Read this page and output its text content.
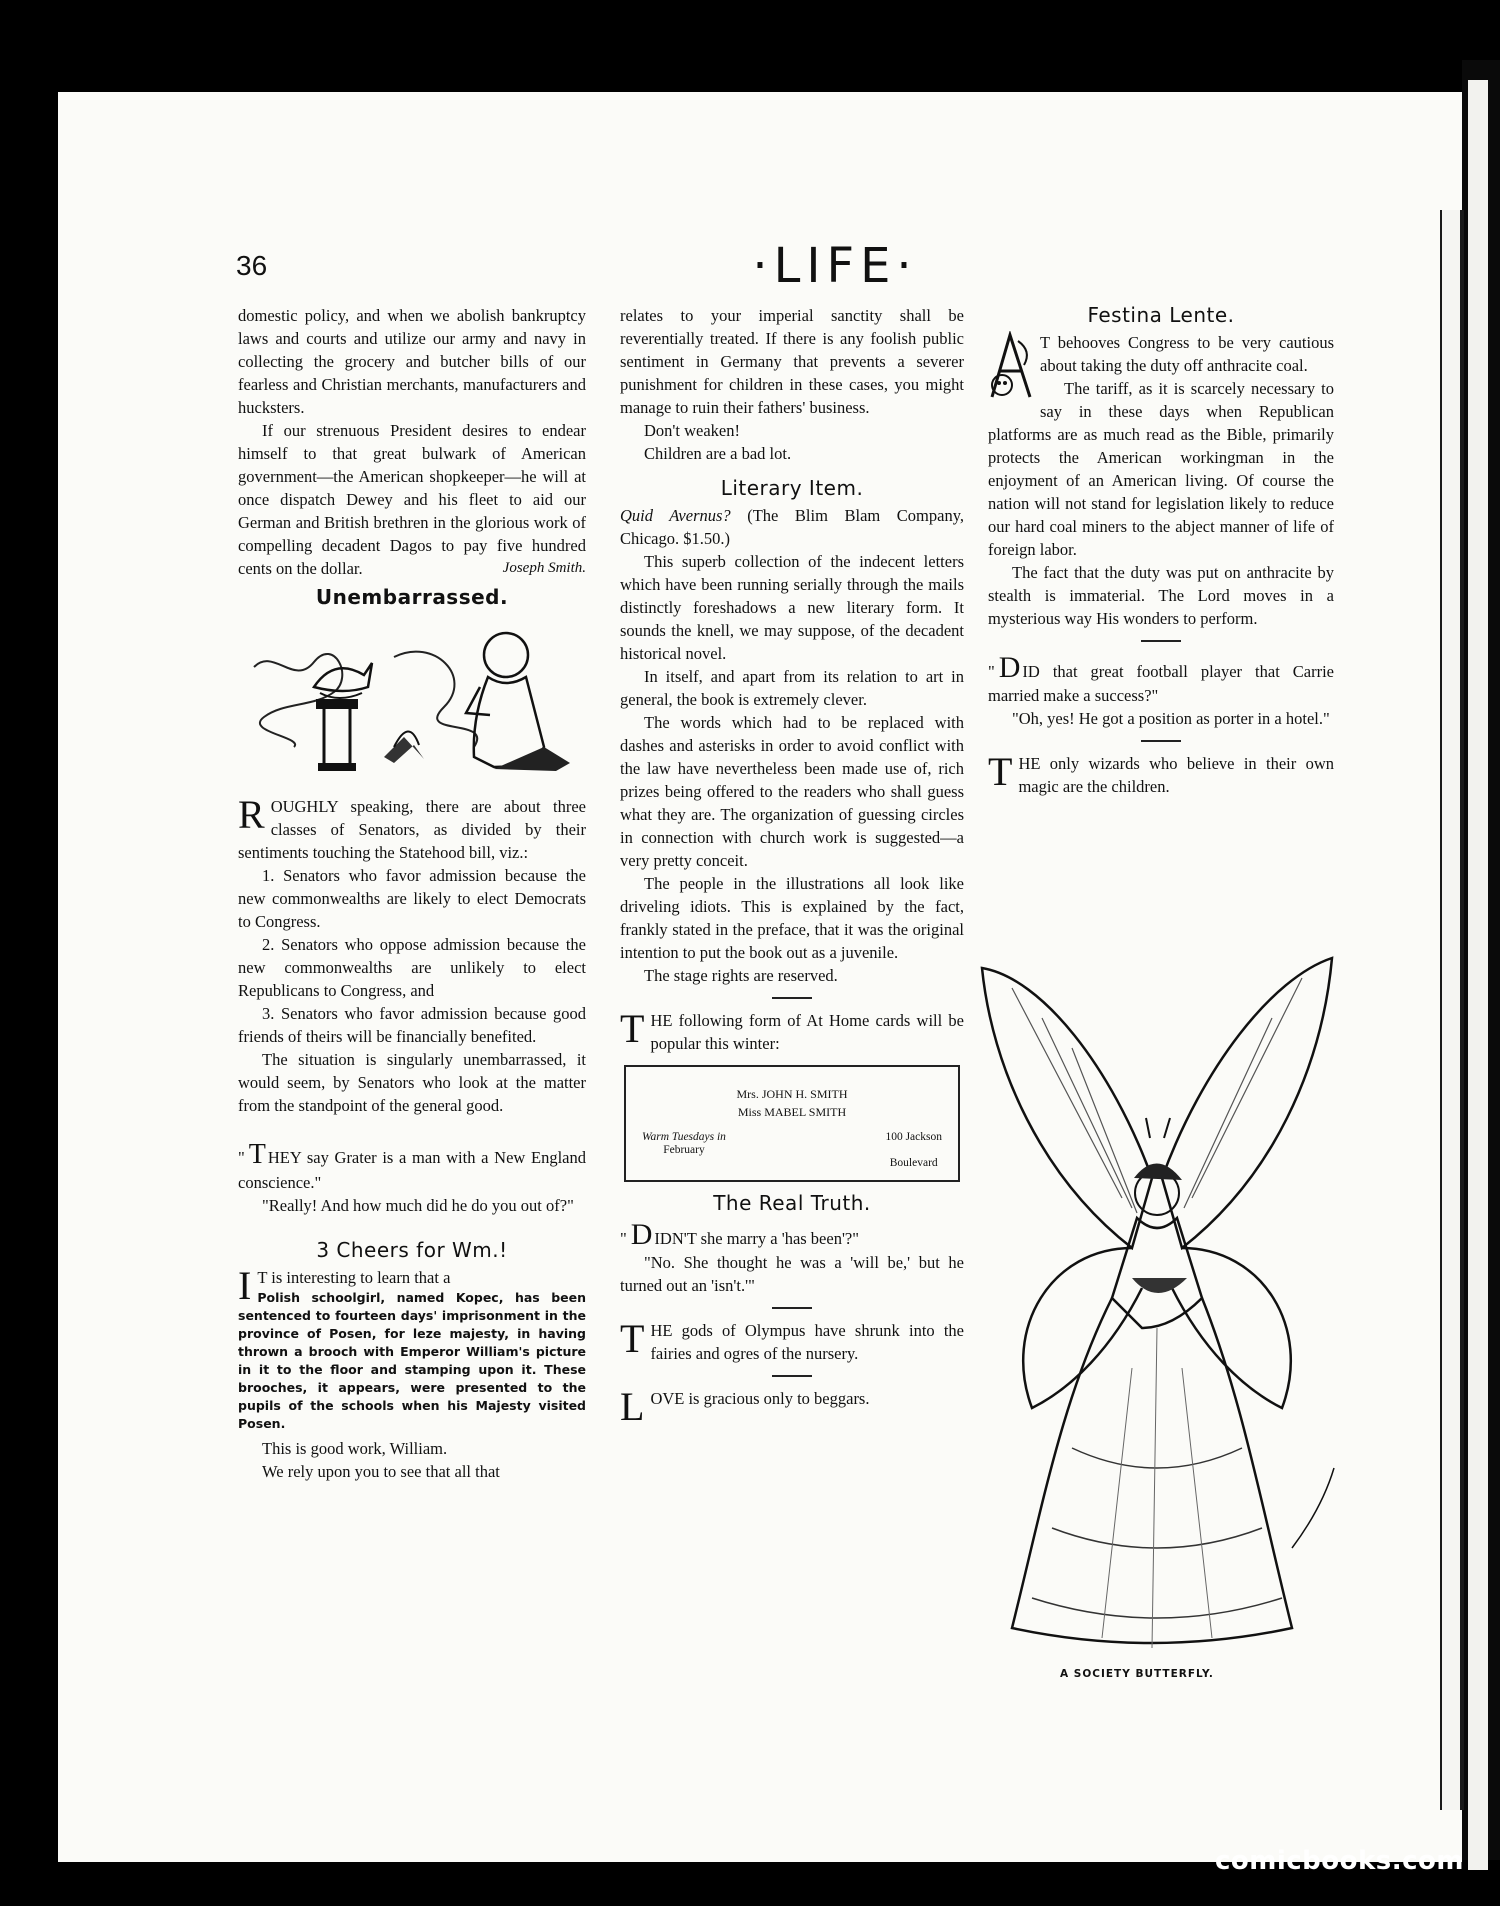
36	·LIFE·

domestic policy, and when we abolish bankruptcy laws and courts and utilize our army and navy in collecting the grocery and butcher bills of our fearless and Christian merchants, manufacturers and hucksters.

If our strenuous President desires to endear himself to that great bulwark of American government—the American shopkeeper—he will at once dispatch Dewey and his fleet to aid our German and British brethren in the glorious work of compelling decadent Dagos to pay five hundred cents on the dollar.	Joseph Smith.

Unembarrassed.

ROUGHLY speaking, there are about three classes of Senators, as divided by their sentiments touching the Statehood bill, viz.:

1. Senators who favor admission because the new commonwealths are likely to elect Democrats to Congress.

2. Senators who oppose admission because the new commonwealths are unlikely to elect Republicans to Congress, and

3. Senators who favor admission because good friends of theirs will be financially benefited.

The situation is singularly unembarrassed, it would seem, by Senators who look at the matter from the standpoint of the general good.

" T HEY say Grater is a man with a New England conscience."

"Really! And how much did he do you out of?"

3 Cheers for Wm.!

I T is interesting to learn that a

Polish schoolgirl, named Kopec, has been sentenced to fourteen days' imprisonment in the province of Posen, for leze majesty, in having thrown a brooch with Emperor William's picture in it to the floor and stamping upon it. These brooches, it appears, were presented to the pupils of the schools when his Majesty visited Posen.

This is good work, William.

We rely upon you to see that all that

relates to your imperial sanctity shall be reverentially treated. If there is any foolish public sentiment in Germany that prevents a severer punishment for children in these cases, you might manage to ruin their fathers' business.

Don't weaken!

Children are a bad lot.

Literary Item.

Quid Avernus? (The Blim Blam Company, Chicago. $1.50.)

This superb collection of the indecent letters which have been running serially through the mails distinctly foreshadows a new literary form. It sounds the knell, we may suppose, of the decadent historical novel.

In itself, and apart from its relation to art in general, the book is extremely clever.

The words which had to be replaced with dashes and asterisks in order to avoid conflict with the law have nevertheless been made use of, rich prizes being offered to the readers who shall guess what they are. The organization of guessing circles in connection with church work is suggested—a very pretty conceit.

The people in the illustrations all look like driveling idiots. This is explained by the fact, frankly stated in the preface, that it was the original intention to put the book out as a juvenile.

The stage rights are reserved.

THE following form of At Home cards will be popular this winter:

Mrs. JOHN H. SMITH
Miss MABEL SMITH
Warm Tuesdays in

February
100 Jackson

Boulevard
The Real Truth.

" D IDN'T she marry a 'has been'?"

"No. She thought he was a 'will be,' but he turned out an 'isn't.'"

THE gods of Olympus have shrunk into the fairies and ogres of the nursery.

LOVE is gracious only to beggars.

Festina Lente.

T behooves Congress to be very cautious about taking the duty off anthracite coal.

The tariff, as it is scarcely necessary to say in these days when Republican platforms are as much read as the Bible, primarily protects the American workingman in the enjoyment of an American living. Of course the nation will not stand for legislation likely to reduce our hard coal miners to the abject manner of life of foreign labor.

The fact that the duty was put on anthracite by stealth is immaterial. The Lord moves in a mysterious way His wonders to perform.

" D ID that great football player that Carrie married make a success?"

"Oh, yes! He got a position as porter in a hotel."

THE only wizards who believe in their own magic are the children.

A SOCIETY BUTTERFLY.
comicbooks.com
